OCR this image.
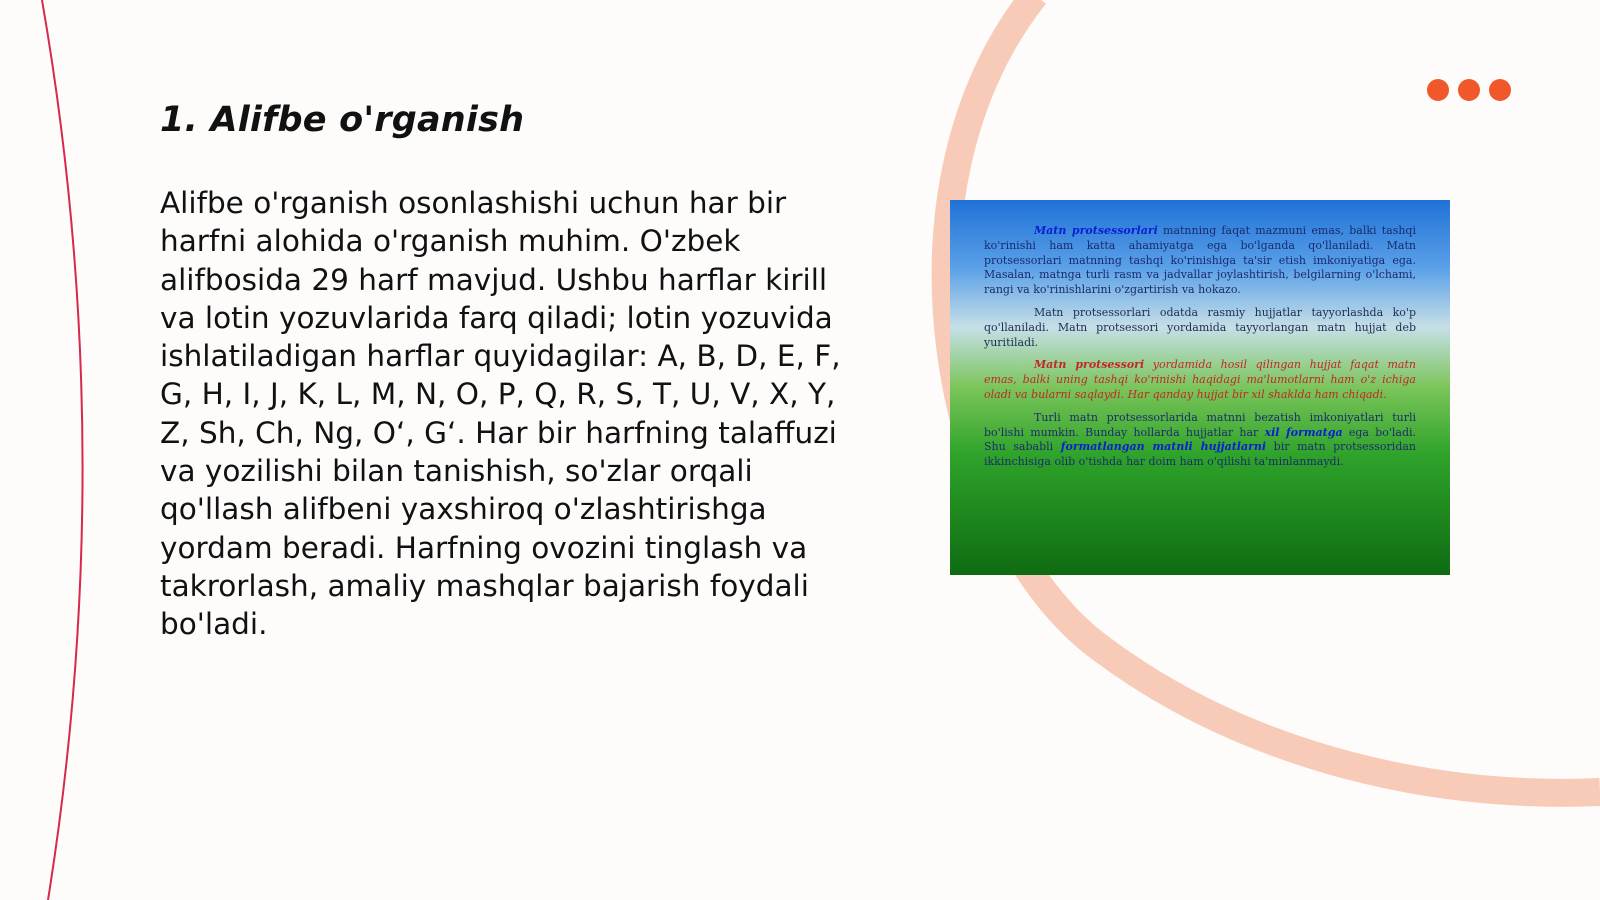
1. Alifbe o'rganish

Alifbe o'rganish osonlashishi uchun har bir harfni alohida o'rganish muhim. O'zbek alifbosida 29 harf mavjud. Ushbu harflar kirill va lotin yozuvlarida farq qiladi; lotin yozuvida ishlatiladigan harflar quyidagilar: A, B, D, E, F, G, H, I, J, K, L, M, N, O, P, Q, R, S, T, U, V, X, Y, Z, Sh, Ch, Ng, O‘, G‘. Har bir harfning talaffuzi va yozilishi bilan tanishish, so'zlar orqali qo'llash alifbeni yaxshiroq o'zlashtirishga yordam beradi. Harfning ovozini tinglash va takrorlash, amaliy mashqlar bajarish foydali bo'ladi.

Matn protsessorlari matnning faqat mazmuni emas, balki tashqi ko'rinishi ham katta ahamiyatga ega bo'lganda qo'llaniladi. Matn protsessorlari matnning tashqi ko'rinishiga ta'sir etish imkoniyatiga ega. Masalan, matnga turli rasm va jadvallar joylashtirish, belgilarning o'lchami, rangi va ko'rinishlarini o'zgartirish va hokazo.

Matn protsessorlari odatda rasmiy hujjatlar tayyorlashda ko'p qo'llaniladi. Matn protsessori yordamida tayyorlangan matn hujjat deb yuritiladi.

Matn protsessori yordamida hosil qilingan hujjat faqat matn emas, balki uning tashqi ko'rinishi haqidagi ma'lumotlarni ham o'z ichiga oladi va bularni saqlaydi. Har qanday hujjat bir xil shaklda ham chiqadi.

Turli matn protsessorlarida matnni bezatish imkoniyatlari turli bo'lishi mumkin. Bunday hollarda hujjatlar har xil formatga ega bo'ladi. Shu sababli formatlangan matnli hujjatlarni bir matn protsessoridan ikkinchisiga olib o'tishda har doim ham o'qilishi ta'minlanmaydi.
